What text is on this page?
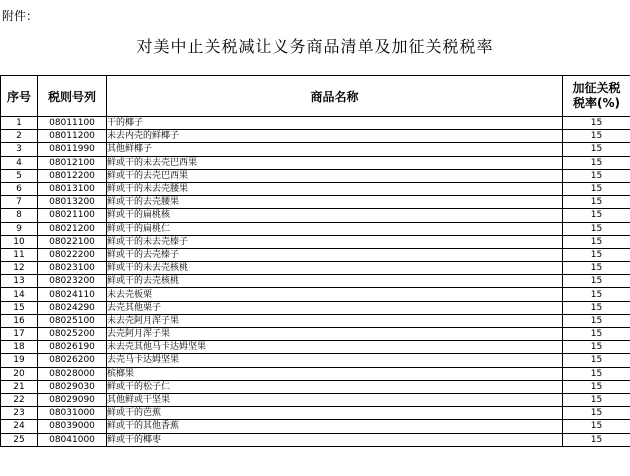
附件：
对美中止关税减让义务商品清单及加征关税税率
序号	税则号列	商品名称	加征关税
税率(%)

1	08011100	干的椰子	15
2	08011200	未去内壳的鲜椰子	15
3	08011990	其他鲜椰子	15
4	08012100	鲜或干的未去壳巴西果	15
5	08012200	鲜或干的去壳巴西果	15
6	08013100	鲜或干的未去壳腰果	15
7	08013200	鲜或干的去壳腰果	15
8	08021100	鲜或干的扁桃核	15
9	08021200	鲜或干的扁桃仁	15
10	08022100	鲜或干的未去壳榛子	15
11	08022200	鲜或干的去壳榛子	15
12	08023100	鲜或干的未去壳核桃	15
13	08023200	鲜或干的去壳核桃	15
14	08024110	未去壳板栗	15
15	08024290	去壳其他栗子	15
16	08025100	未去壳阿月浑子果	15
17	08025200	去壳阿月浑子果	15
18	08026190	未去壳其他马卡达姆坚果	15
19	08026200	去壳马卡达姆坚果	15
20	08028000	槟榔果	15
21	08029030	鲜或干的松子仁	15
22	08029090	其他鲜或干坚果	15
23	08031000	鲜或干的芭蕉	15
24	08039000	鲜或干的其他香蕉	15
25	08041000	鲜或干的椰枣	15
